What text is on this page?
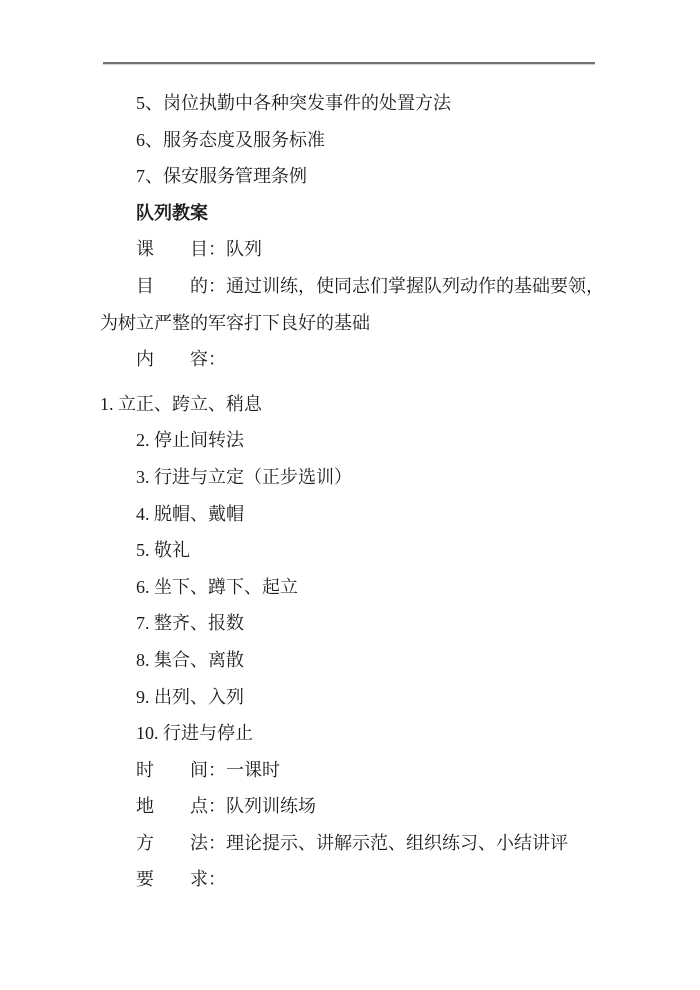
5、岗位执勤中各种突发事件的处置方法

6、服务态度及服务标准

7、保安服务管理条例

队列教案

课　　目：队列

目　　的：通过训练，使同志们掌握队列动作的基础要领，为树立严整的军容打下良好的基础

内　　容：

1. 立正、跨立、稍息

2. 停止间转法

3. 行进与立定（正步选训）

4. 脱帽、戴帽

5. 敬礼

6. 坐下、蹲下、起立

7. 整齐、报数

8. 集合、离散

9. 出列、入列

10. 行进与停止

时　　间：一课时

地　　点：队列训练场

方　　法：理论提示、讲解示范、组织练习、小结讲评

要　　求：
